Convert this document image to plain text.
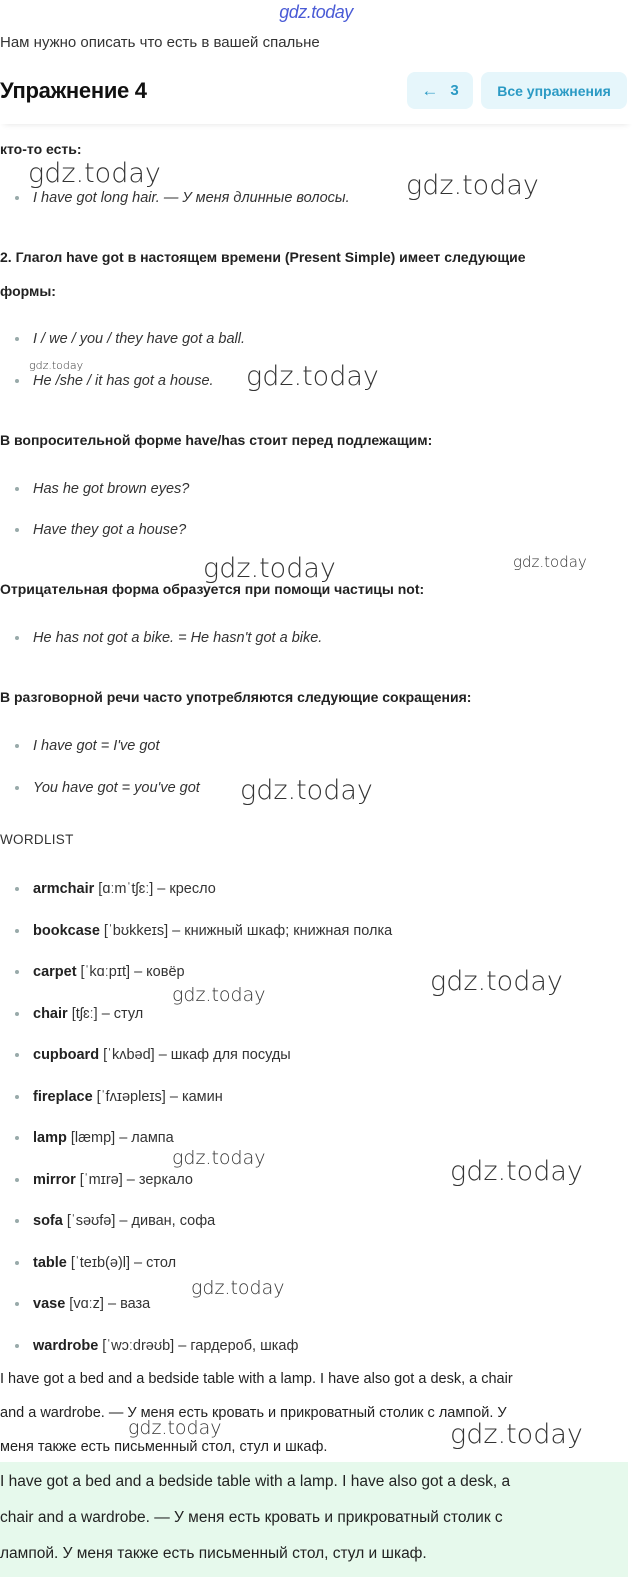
gdz.today
Нам нужно описать что есть в вашей спальне
кто-то есть:
I have got long hair. — У меня длинные волосы.
Упражнение 4	← 3	Все упражнения
2. Глагол have got в настоящем времени (Present Simple) имеет следующие
формы:
I / we / you / they have got a ball.
He /she / it has got a house.
В вопросительной форме have/has стоит перед подлежащим:
Has he got brown eyes?
Have they got a house?
Отрицательная форма образуется при помощи частицы not:
He has not got a bike. = He hasn't got a bike.
В разговорной речи часто употребляются следующие сокращения:
I have got = I've got
You have got = you've got
WORDLIST
armchair [ɑːmˈtʃɛː] – кресло
bookcase [ˈbʊkkeɪs] – книжный шкаф; книжная полка
carpet [ˈkɑːpɪt] – ковёр
chair [tʃɛː] – стул
cupboard [ˈkʌbəd] – шкаф для посуды
fireplace [ˈfʌɪəpleɪs] – камин
lamp [læmp] – лампа
mirror [ˈmɪrə] – зеркало
sofa [ˈsəʊfə] – диван, софа
table [ˈteɪb(ə)l] – стол
vase [vɑːz] – ваза
wardrobe [ˈwɔːdrəʊb] – гардероб, шкаф
I have got a bed and a bedside table with a lamp. I have also got a desk, a chair
and a wardrobe. — У меня есть кровать и прикроватный столик с лампой. У
меня также есть письменный стол, стул и шкаф.

I have got a bed and a bedside table with a lamp. I have also got a desk, a
chair and a wardrobe. — У меня есть кровать и прикроватный столик с
лампой. У меня также есть письменный стол, стул и шкаф.

gdz.today	gdz.today
gdz.today	gdz.today
gdz.today	gdz.today
gdz.today
gdz.today
gdz.today
gdz.today	gdz.today
gdz.today
gdz.today	gdz.today
